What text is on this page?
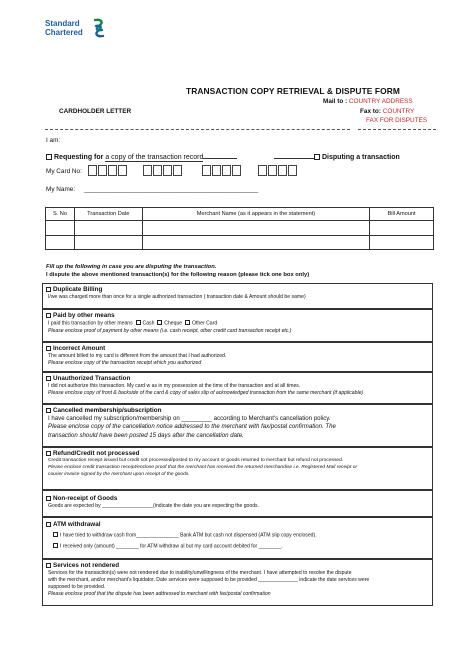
Standard
Chartered
TRANSACTION COPY RETRIEVAL & DISPUTE FORM
Mail to : COUNTRY ADDRESS
Fax to: COUNTRY
FAX FOR DISPUTES
CARDHOLDER LETTER
I am:
Requesting for a copy of the transaction record	Disputing a transaction
My Card No:
My Name: _________________________________________________
S. No	Transaction Date	Merchant Name (as it appears in the statement)	Bill Amount

Fill up the following in case you are disputing the transaction.
I dispute the above mentioned transaction(s) for the following reason (please tick one box only)
Duplicate Billing
I/we was charged more than once for a single authorized transaction ( transaction date & Amount should be same)
Paid by other means
I paid this transaction by other means Cash Cheque Other Card
Please enclose proof of payment by other means (i.e. cash receipt, other credit card transaction receipt etc.)
Incorrect Amount
The amount billed to my card is different from the amount that I had authorized.
Please enclose copy of the transaction receipt which you authorized
Unauthorized Transaction
I did not authorize this transaction. My card w as in my possession at the time of the transaction and at all times.
Please enclose copy of front & backside of the card & copy of sales slip of acknowledged transaction from the same merchant (if applicable)
Cancelled membership/subscription
I have cancelled my subscription/membership on _________ according to Merchant's cancellation policy.
Please enclose copy of the cancellation notice addressed to the merchant with fax/postal confirmation. The
transaction should have been posted 15 days after the cancellation date.
Refund/Credit not processed
Credit transaction receipt issued but credit not processed/posted to my account or goods returned to merchant but refund not processed.
Please enclose credit transaction receipt/enclose proof that the merchant has received the returned merchandise i.e. Registered Mail receipt or
courier invoice signed by the merchant upon receipt of the goods.
Non-receipt of Goods
Goods are expected by __________________(indicate the date you are expecting the goods.
ATM withdrawal
I have tried to withdraw cash from_______________ Bank ATM but cash not dispensed (ATM slip copy enclosed).
I received only (amount) ________ for ATM withdraw al but my card account debited for ________.
Services not rendered
Services for the transaction(s) were not rendered due to inability/unwillingness of the merchant. I have attempted to resolve the dispute
with the merchant, and/or merchant's liquidator. Date services were supposed to be provided ______________ indicate the date services were
supposed to be provided.
Please enclose proof that the dispute has been addressed to merchant with fax/postal confirmation
